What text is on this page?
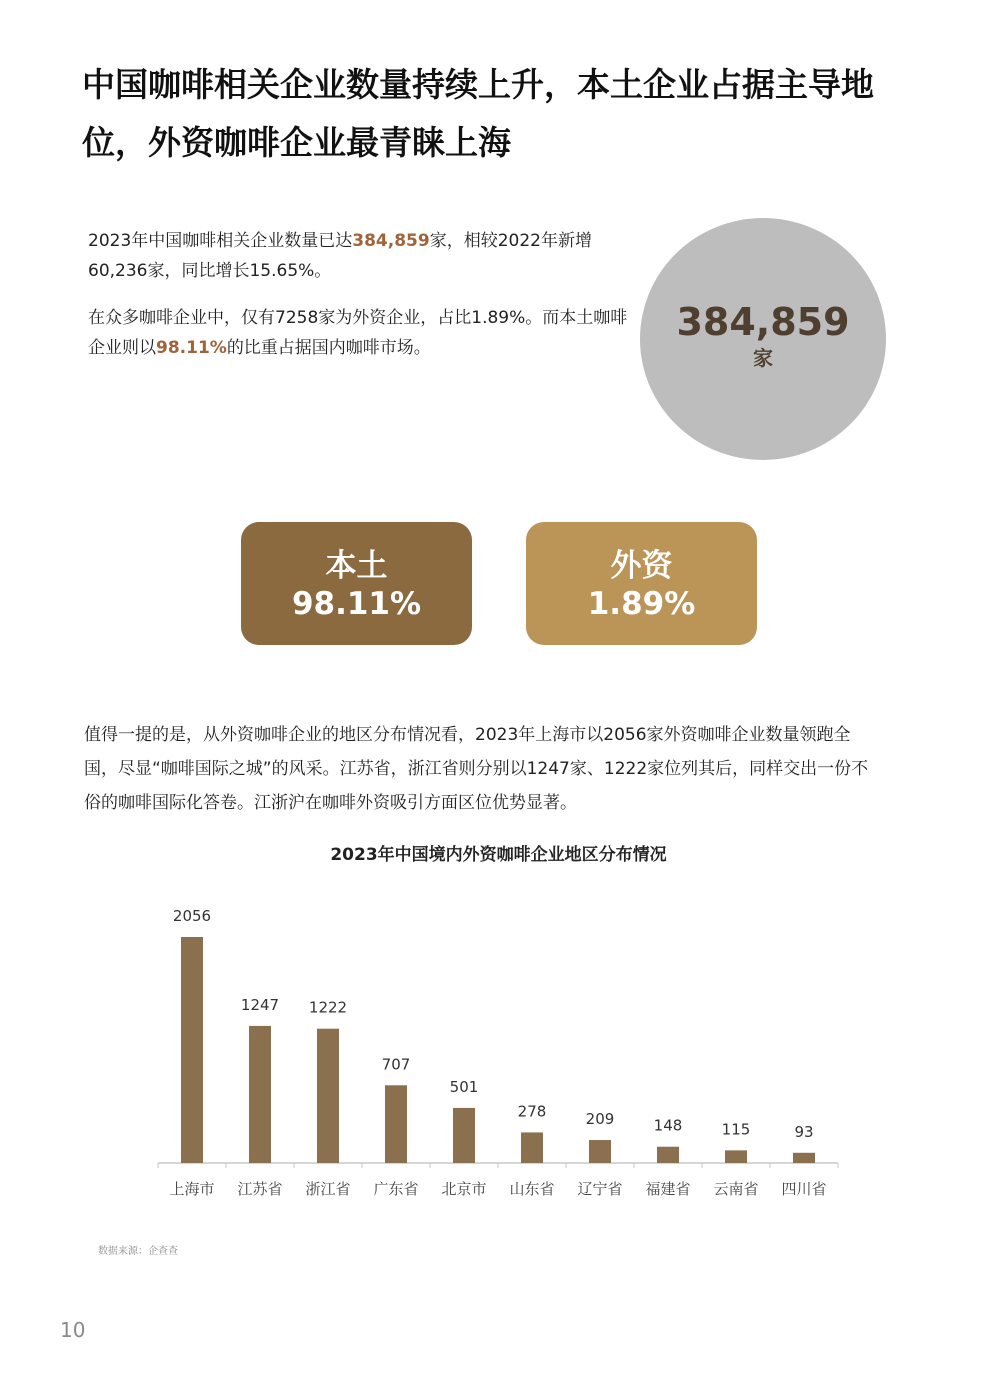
中国咖啡相关企业数量持续上升，本土企业占据主导地
位，外资咖啡企业最青睐上海

2023年中国咖啡相关企业数量已达384,859家，相较2022年新增60,236家，同比增长15.65%。

在众多咖啡企业中，仅有7258家为外资企业，占比1.89%。而本土咖啡企业则以98.11%的比重占据国内咖啡市场。

384,859
家
本土
98.11%
外资
1.89%
值得一提的是，从外资咖啡企业的地区分布情况看，2023年上海市以2056家外资咖啡企业数量领跑全国，尽显“咖啡国际之城”的风采。江苏省，浙江省则分别以1247家、1222家位列其后，同样交出一份不俗的咖啡国际化答卷。江浙沪在咖啡外资吸引方面区位优势显著。
2023年中国境内外资咖啡企业地区分布情况
2056
上海市
1247
江苏省
1222
浙江省
707
广东省
501
北京市
278
山东省
209
辽宁省
148
福建省
115
云南省
93
四川省
数据来源：企查查
10
